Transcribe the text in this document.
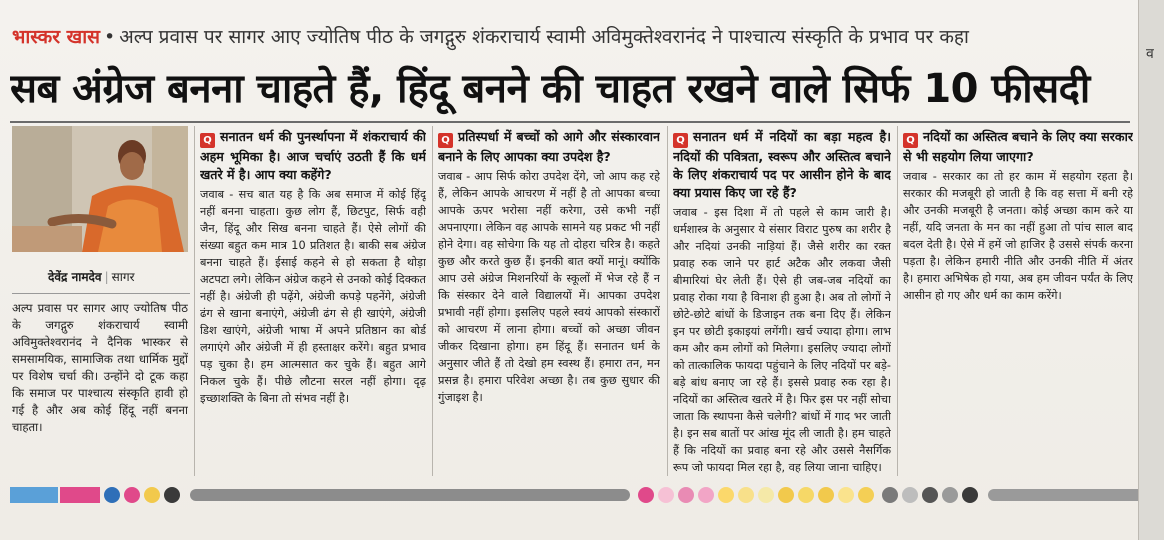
भास्कर खास • अल्प प्रवास पर सागर आए ज्योतिष पीठ के जगद्गुरु शंकराचार्य स्वामी अविमुक्तेश्वरानंद ने पाश्चात्य संस्कृति के प्रभाव पर कहा
सब अंग्रेज बनना चाहते हैं, हिंदू बनने की चाहत रखने वाले सिर्फ 10 फीसदी
देवेंद्र नामदेव | सागर

अल्प प्रवास पर सागर आए ज्योतिष पीठ के जगद्गुरु शंकराचार्य स्वामी अविमुक्तेश्वरानंद ने दैनिक भास्कर से समसामयिक, सामाजिक तथा धार्मिक मुद्दों पर विशेष चर्चा की। उन्होंने दो टूक कहा कि समाज पर पाश्चात्य संस्कृति हावी हो गई है और अब कोई हिंदू नहीं बनना चाहता।

Q सनातन धर्म की पुनर्स्थापना में शंकराचार्य की अहम भूमिका है। आज चर्चाएं उठती हैं कि धर्म खतरे में है। आप क्या कहेंगे?

जवाब - सच बात यह है कि अब समाज में कोई हिंदू नहीं बनना चाहता। कुछ लोग हैं, छिटपुट, सिर्फ वही जैन, हिंदू और सिख बनना चाहते हैं। ऐसे लोगों की संख्या बहुत कम मात्र 10 प्रतिशत है। बाकी सब अंग्रेज बनना चाहते हैं। ईसाई कहने से हो सकता है थोड़ा अटपटा लगे। लेकिन अंग्रेज कहने से उनको कोई दिक्कत नहीं है। अंग्रेजी ही पढ़ेंगे, अंग्रेजी कपड़े पहनेंगे, अंग्रेजी ढंग से खाना बनाएंगे, अंग्रेजी ढंग से ही खाएंगे, अंग्रेजी डिश खाएंगे, अंग्रेजी भाषा में अपने प्रतिष्ठान का बोर्ड लगाएंगे और अंग्रेजी में ही हस्ताक्षर करेंगे। बहुत प्रभाव पड़ चुका है। हम आत्मसात कर चुके हैं। बहुत आगे निकल चुके हैं। पीछे लौटना सरल नहीं होगा। दृढ़ इच्छाशक्ति के बिना तो संभव नहीं है।

Q प्रतिस्पर्धा में बच्चों को आगे और संस्कारवान बनाने के लिए आपका क्या उपदेश है?

जवाब - आप सिर्फ कोरा उपदेश देंगे, जो आप कह रहे हैं, लेकिन आपके आचरण में नहीं है तो आपका बच्चा आपके ऊपर भरोसा नहीं करेगा, उसे कभी नहीं अपनाएगा। लेकिन वह आपके सामने यह प्रकट भी नहीं होने देगा। वह सोचेगा कि यह तो दोहरा चरित्र है। कहते कुछ और करते कुछ हैं। इनकी बात क्यों मानूं। क्योंकि आप उसे अंग्रेज मिशनरियों के स्कूलों में भेज रहे हैं न कि संस्कार देने वाले विद्यालयों में। आपका उपदेश प्रभावी नहीं होगा। इसलिए पहले स्वयं आपको संस्कारों को आचरण में लाना होगा। बच्चों को अच्छा जीवन जीकर दिखाना होगा। हम हिंदू हैं। सनातन धर्म के अनुसार जीते हैं तो देखो हम स्वस्थ हैं। हमारा तन, मन प्रसन्न है। हमारा परिवेश अच्छा है। तब कुछ सुधार की गुंजाइश है।

Q सनातन धर्म में नदियों का बड़ा महत्व है। नदियों की पवित्रता, स्वरूप और अस्तित्व बचाने के लिए शंकराचार्य पद पर आसीन होने के बाद क्या प्रयास किए जा रहे हैं?

जवाब - इस दिशा में तो पहले से काम जारी है। धर्मशास्त्र के अनुसार ये संसार विराट पुरुष का शरीर है और नदियां उनकी नाड़ियां हैं। जैसे शरीर का रक्त प्रवाह रुक जाने पर हार्ट अटैक और लकवा जैसी बीमारियां घेर लेती हैं। ऐसे ही जब-जब नदियों का प्रवाह रोका गया है विनाश ही हुआ है। अब तो लोगों ने छोटे-छोटे बांधों के डिजाइन तक बना दिए हैं। लेकिन इन पर छोटी इकाइयां लगेंगी। खर्च ज्यादा होगा। लाभ कम और कम लोगों को मिलेगा। इसलिए ज्यादा लोगों को तात्कालिक फायदा पहुंचाने के लिए नदियों पर बड़े-बड़े बांध बनाए जा रहे हैं। इससे प्रवाह रुक रहा है। नदियों का अस्तित्व खतरे में है। फिर इस पर नहीं सोचा जाता कि स्थापना कैसे चलेगी? बांधों में गाद भर जाती है। इन सब बातों पर आंख मूंद ली जाती है। हम चाहते हैं कि नदियों का प्रवाह बना रहे और उससे नैसर्गिक रूप जो फायदा मिल रहा है, वह लिया जाना चाहिए।

Q नदियों का अस्तित्व बचाने के लिए क्या सरकार से भी सहयोग लिया जाएगा?

जवाब - सरकार का तो हर काम में सहयोग रहता है। सरकार की मजबूरी हो जाती है कि वह सत्ता में बनी रहे और उनकी मजबूरी है जनता। कोई अच्छा काम करे या नहीं, यदि जनता के मन का नहीं हुआ तो पांच साल बाद बदल देती है। ऐसे में हमें जो हाजिर है उससे संपर्क करना पड़ता है। लेकिन हमारी नीति और उनकी नीति में अंतर है। हमारा अभिषेक हो गया, अब हम जीवन पर्यंत के लिए आसीन हो गए और धर्म का काम करेंगे।

व
